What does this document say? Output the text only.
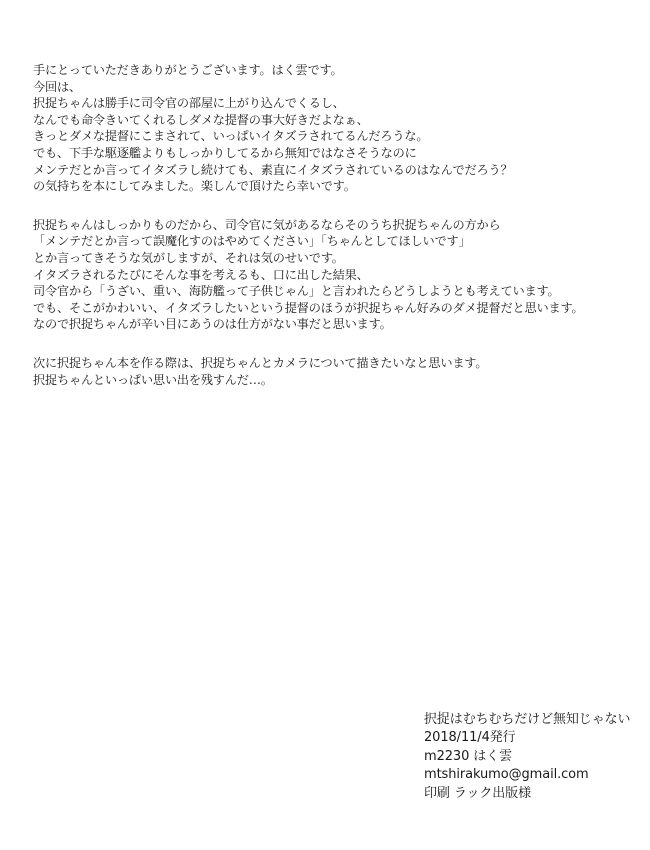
手にとっていただきありがとうございます。はく雲です。
今回は、
択捉ちゃんは勝手に司令官の部屋に上がり込んでくるし、
なんでも命令きいてくれるしダメな提督の事大好きだよなぁ、
きっとダメな提督にこまされて、いっぱいイタズラされてるんだろうな。
でも、下手な駆逐艦よりもしっかりしてるから無知ではなさそうなのに
メンテだとか言ってイタズラし続けても、素直にイタズラされているのはなんでだろう？
の気持ちを本にしてみました。楽しんで頂けたら幸いです。

択捉ちゃんはしっかりものだから、司令官に気があるならそのうち択捉ちゃんの方から
「メンテだとか言って誤魔化すのはやめてください」「ちゃんとしてほしいです」
とか言ってきそうな気がしますが、それは気のせいです。
イタズラされるたびにそんな事を考えるも、口に出した結果、
司令官から「うざい、重い、海防艦って子供じゃん」と言われたらどうしようとも考えています。
でも、そこがかわいい、イタズラしたいという提督のほうが択捉ちゃん好みのダメ提督だと思います。
なので択捉ちゃんが辛い目にあうのは仕方がない事だと思います。

次に択捉ちゃん本を作る際は、択捉ちゃんとカメラについて描きたいなと思います。
択捉ちゃんといっぱい思い出を残すんだ…。

択捉はむちむちだけど無知じゃない
2018/11/4発行
m2230 はく雲
mtshirakumo@gmail.com
印刷 ラック出版様
